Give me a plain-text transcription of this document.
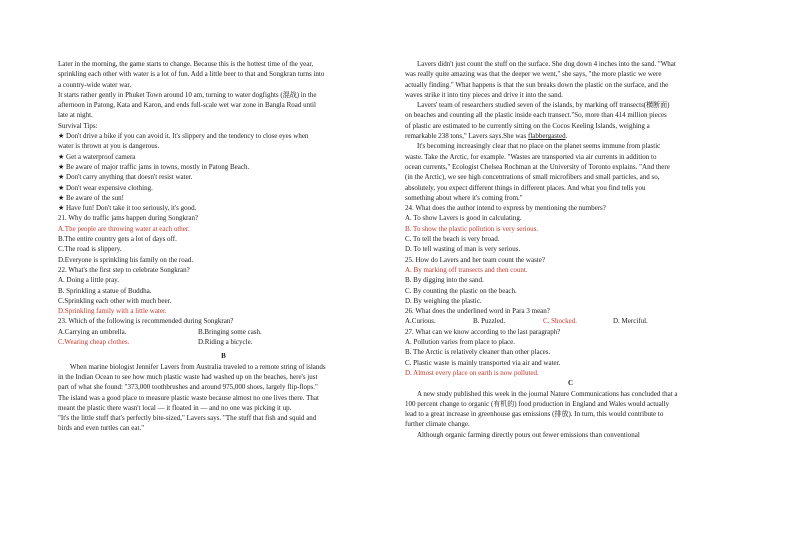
Later in the morning, the game starts to change. Because this is the hottest time of the year,
sprinkling each other with water is a lot of fun. Add a little beer to that and Songkran turns into
a country-wide water war.
It starts rather gently in Phuket Town around 10 am, turning to water dogfights (混战) in the
afternoon in Patong, Kata and Karon, and ends full-scale wet war zone in Bangla Road until
late at night.
Survival Tips:
★ Don't drive a bike if you can avoid it. It's slippery and the tendency to close eyes when
water is thrown at you is dangerous.
★ Get a waterproof camera
★ Be aware of major traffic jams in towns, mostly in Patong Beach.
★ Don't carry anything that doesn't resist water.
★ Don't wear expensive clothing.
★ Be aware of the sun!
★ Have fun! Don't take it too seriously, it's good.
21. Why do traffic jams happen during Songkran?
A.The people are throwing water at each other.
B.The entire country gets a lot of days off.
C.The road is slippery.
D.Everyone is sprinkling his family on the road.
22. What's the first step to celebrate Songkran?
A. Doing a little pray.
B. Sprinkling a statue of Buddha.
C.Sprinkling each other with much beer.
D.Sprinkling family with a little water.
23. Which of the following is recommended during Songkran?
A.Carrying an umbrella.	B.Bringing some cash.
C.Wearing cheap clothes.	D.Riding a bicycle.
B
When marine biologist Jennifer Lavers from Australia traveled to a remote string of islands
in the Indian Ocean to see how much plastic waste had washed up on the beaches, here's just
part of what she found: "373,000 toothbrushes and around 975,000 shoes, largely flip-flops."
The island was a good place to measure plastic waste because almost no one lives there. That
meant the plastic there wasn't local — it floated in — and no one was picking it up.
"It's the little stuff that's perfectly bite-sized," Lavers says. "The stuff that fish and squid and
birds and even turtles can eat."
Lavers didn't just count the stuff on the surface. She dug down 4 inches into the sand. "What
was really quite amazing was that the deeper we went," she says, "the more plastic we were
actually finding." What happens is that the sun breaks down the plastic on the surface, and the
waves strike it into tiny pieces and drive it into the sand.
Lavers' team of researchers studied seven of the islands, by marking off transects(横断面)
on beaches and counting all the plastic inside each transect."So, more than 414 million pieces
of plastic are estimated to be currently sitting on the Cocos Keeling Islands, weighing a
remarkable 238 tons," Lavers says.She was flabbergasted.
It's becoming increasingly clear that no place on the planet seems immune from plastic
waste. Take the Arctic, for example. "Wastes are transported via air currents in addition to
ocean currents," Ecologist Chelsea Rochman at the University of Toronto explains. "And there
(in the Arctic), we see high concentrations of small microfibers and small particles, and so,
absolutely, you expect different things in different places. And what you find tells you
something about where it's coming from."
24. What does the author intend to express by mentioning the numbers?
A. To show Lavers is good in calculating.
B. To show the plastic pollution is very serious.
C. To tell the beach is very broad.
D. To tell wasting of man is very serious.
25. How do Lavers and her team count the waste?
A. By marking off transects and then count.
B. By digging into the sand.
C. By counting the plastic on the beach.
D. By weighing the plastic.
26. What does the underlined word in Para 3 mean?
A.Curious.	B. Puzzled.	C. Shocked.	D. Merciful.
27. What can we know according to the last paragraph?
A. Pollution varies from place to place.
B. The Arctic is relatively cleaner than other places.
C. Plastic waste is mainly transported via air and water.
D. Almost every place on earth is now polluted.
C
A new study published this week in the journal Nature Communications has concluded that a
100 percent change to organic (有机的) food production in England and Wales would actually
lead to a great increase in greenhouse gas emissions (排放). In turn, this would contribute to
further climate change.
Although organic farming directly pours out fewer emissions than conventional
